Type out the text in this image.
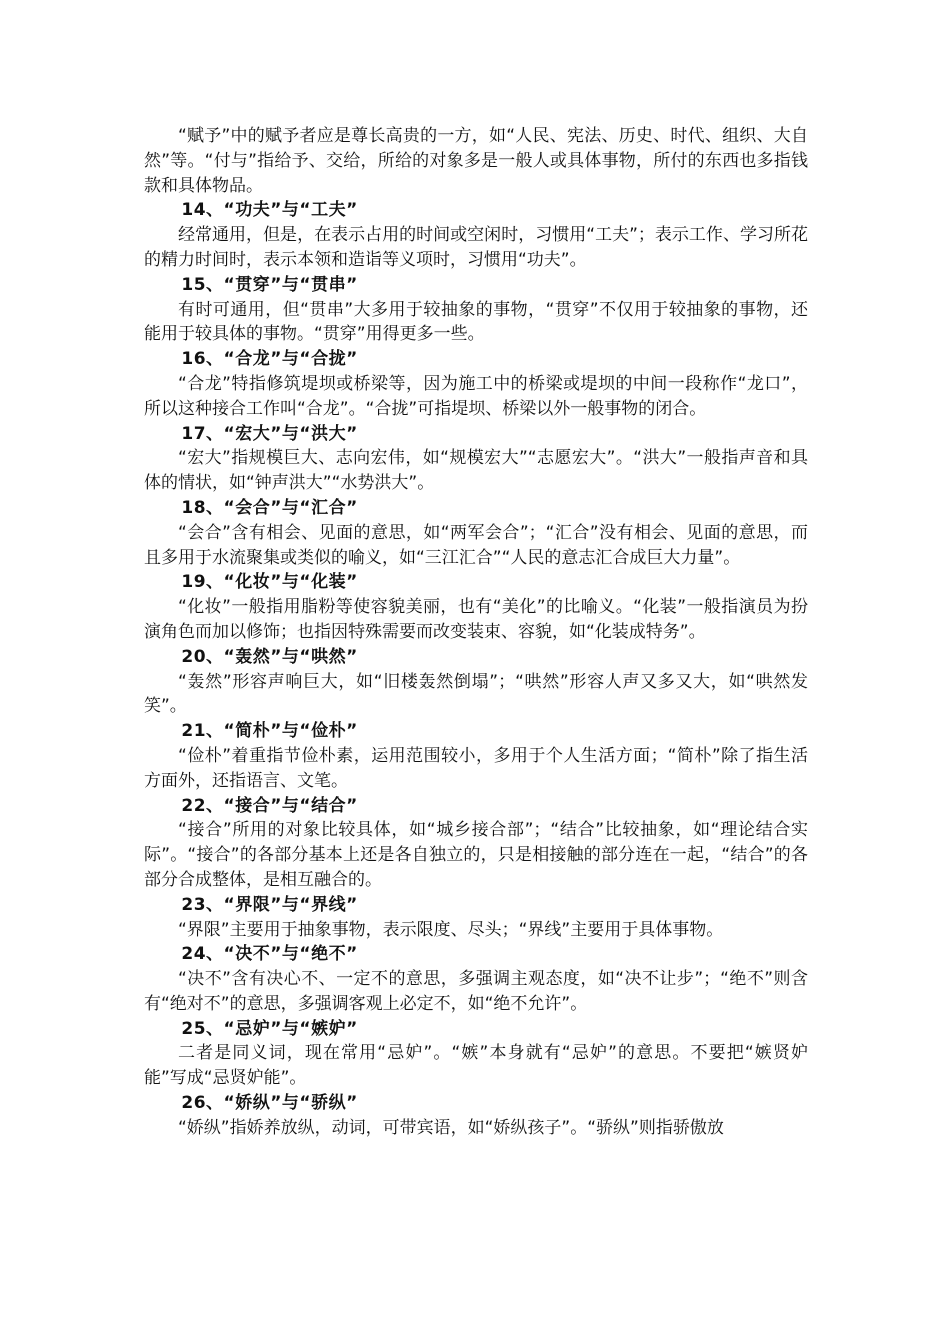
“赋予”中的赋予者应是尊长高贵的一方，如“人民、宪法、历史、时代、组织、大自然”等。“付与”指给予、交给，所给的对象多是一般人或具体事物，所付的东西也多指钱款和具体物品。

14、“功夫”与“工夫”

经常通用，但是，在表示占用的时间或空闲时，习惯用“工夫”；表示工作、学习所花的精力时间时，表示本领和造诣等义项时，习惯用“功夫”。

15、“贯穿”与“贯串”

有时可通用，但“贯串”大多用于较抽象的事物，“贯穿”不仅用于较抽象的事物，还能用于较具体的事物。“贯穿”用得更多一些。

16、“合龙”与“合拢”

“合龙”特指修筑堤坝或桥梁等，因为施工中的桥梁或堤坝的中间一段称作“龙口”，所以这种接合工作叫“合龙”。“合拢”可指堤坝、桥梁以外一般事物的闭合。

17、“宏大”与“洪大”

“宏大”指规模巨大、志向宏伟，如“规模宏大”“志愿宏大”。“洪大”一般指声音和具体的情状，如“钟声洪大”“水势洪大”。

18、“会合”与“汇合”

“会合”含有相会、见面的意思，如“两军会合”；“汇合”没有相会、见面的意思，而且多用于水流聚集或类似的喻义，如“三江汇合”“人民的意志汇合成巨大力量”。

19、“化妆”与“化装”

“化妆”一般指用脂粉等使容貌美丽，也有“美化”的比喻义。“化装”一般指演员为扮演角色而加以修饰；也指因特殊需要而改变装束、容貌，如“化装成特务”。

20、“轰然”与“哄然”

“轰然”形容声响巨大，如“旧楼轰然倒塌”；“哄然”形容人声又多又大，如“哄然发笑”。

21、“简朴”与“俭朴”

“俭朴”着重指节俭朴素，运用范围较小，多用于个人生活方面；“简朴”除了指生活方面外，还指语言、文笔。

22、“接合”与“结合”

“接合”所用的对象比较具体，如“城乡接合部”；“结合”比较抽象，如“理论结合实际”。“接合”的各部分基本上还是各自独立的，只是相接触的部分连在一起，“结合”的各部分合成整体，是相互融合的。

23、“界限”与“界线”

“界限”主要用于抽象事物，表示限度、尽头；“界线”主要用于具体事物。

24、“决不”与“绝不”

“决不”含有决心不、一定不的意思，多强调主观态度，如“决不让步”；“绝不”则含有“绝对不”的意思，多强调客观上必定不，如“绝不允许”。

25、“忌妒”与“嫉妒”

二者是同义词，现在常用“忌妒”。“嫉”本身就有“忌妒”的意思。不要把“嫉贤妒能”写成“忌贤妒能”。

26、“娇纵”与“骄纵”

“娇纵”指娇养放纵，动词，可带宾语，如“娇纵孩子”。“骄纵”则指骄傲放
